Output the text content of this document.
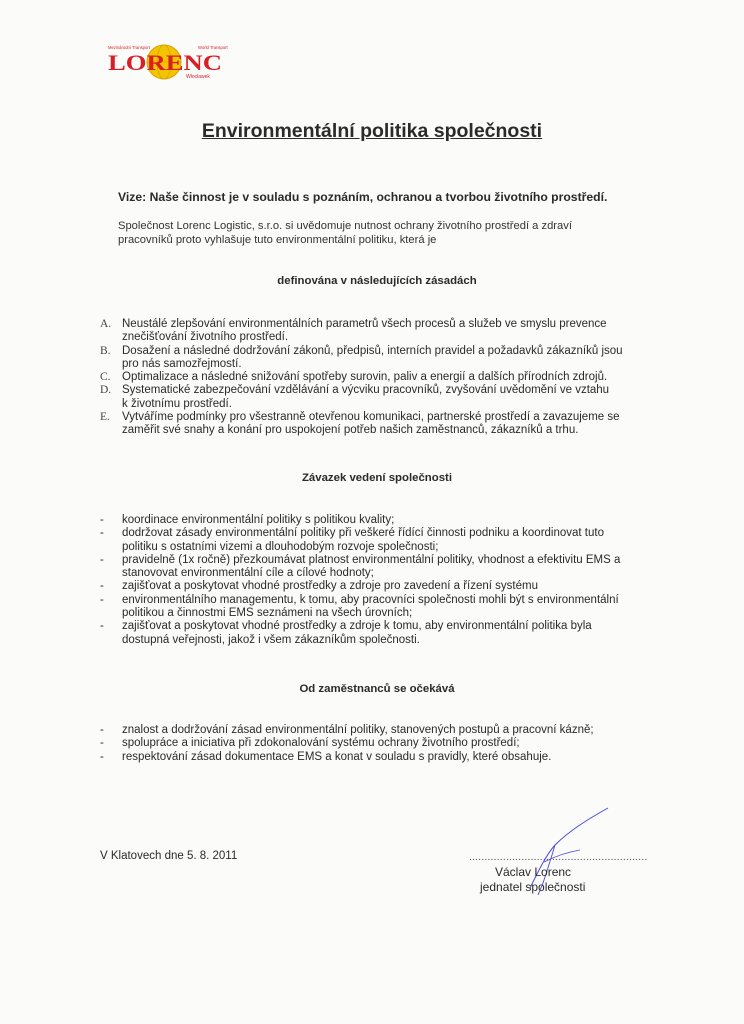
Mezinárodní Transport	World Transport
LORENC
Włocławek
Environmentální politika společnosti
Vize: Naše činnost je v souladu s poznáním, ochranou a tvorbou životního prostředí.
Společnost Lorenc Logistic, s.r.o. si uvědomuje nutnost ochrany životního prostředí a zdraví
pracovníků proto vyhlašuje tuto environmentální politiku, která je
definována v následujících zásadách
A. Neustálé zlepšování environmentálních parametrů všech procesů a služeb ve smyslu prevence
znečišťování životního prostředí.
B. Dosažení a následné dodržování zákonů, předpisů, interních pravidel a požadavků zákazníků jsou
pro nás samozřejmostí.
C. Optimalizace a následné snižování spotřeby surovin, paliv a energií a dalších přírodních zdrojů.
D. Systematické zabezpečování vzdělávání a výcviku pracovníků, zvyšování uvědomění ve vztahu
k životnímu prostředí.
E.	Vytváříme podmínky pro všestranně otevřenou komunikaci, partnerské prostředí a zavazujeme se
zaměřit své snahy a konání pro uspokojení potřeb našich zaměstnanců, zákazníků a trhu.
Závazek vedení společnosti
-	koordinace environmentální politiky s politikou kvality;
-	dodržovat zásady environmentální politiky při veškeré řídící činnosti podniku a koordinovat tuto
politiku s ostatními vizemi a dlouhodobým rozvoje společnosti;
-	pravidelně (1x ročně) přezkoumávat platnost environmentální politiky, vhodnost a efektivitu EMS a
stanovovat environmentální cíle a cílové hodnoty;
-	zajišťovat a poskytovat vhodné prostředky a zdroje pro zavedení a řízení systému
-	environmentálního managementu, k tomu, aby pracovníci společnosti mohli být s environmentální
politikou a činnostmi EMS seznámeni na všech úrovních;
-	zajišťovat a poskytovat vhodné prostředky a zdroje k tomu, aby environmentální politika byla
dostupná veřejnosti, jakož i všem zákazníkům společnosti.
Od zaměstnanců se očekává
-	znalost a dodržování zásad environmentální politiky, stanovených postupů a pracovní kázně;
-	spolupráce a iniciativa při zdokonalování systému ochrany životního prostředí;
-	respektování zásad dokumentace EMS a konat v souladu s pravidly, které obsahuje.
V Klatovech dne 5. 8. 2011	..........................................................
Václav Lorenc
jednatel společnosti
